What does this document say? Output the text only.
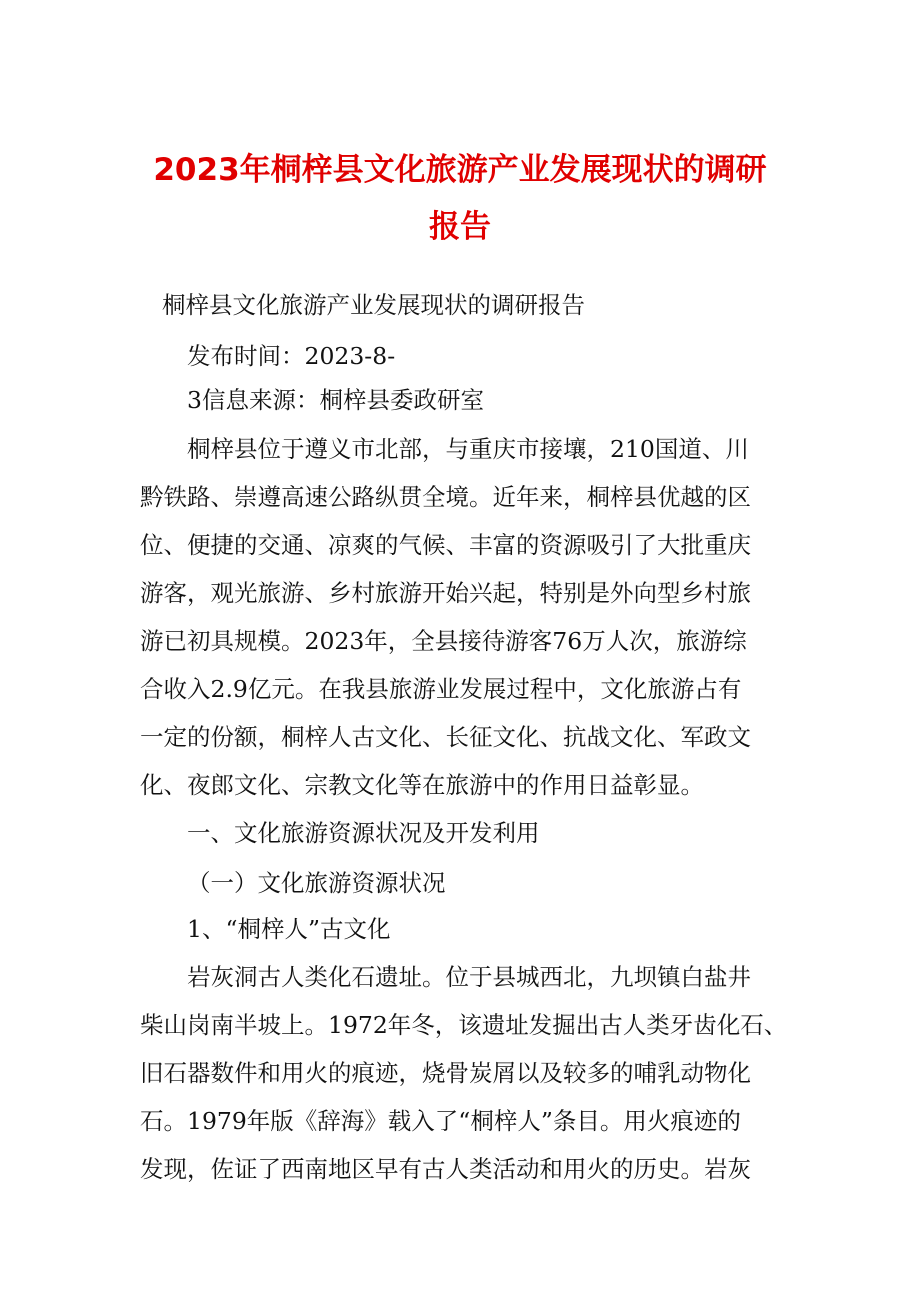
2023年桐梓县文化旅游产业发展现状的调研报告

桐梓县文化旅游产业发展现状的调研报告

发布时间：2023-8-

3信息来源：桐梓县委政研室

桐梓县位于遵义市北部，与重庆市接壤，210国道、川

黔铁路、崇遵高速公路纵贯全境。近年来，桐梓县优越的区

位、便捷的交通、凉爽的气候、丰富的资源吸引了大批重庆

游客，观光旅游、乡村旅游开始兴起，特别是外向型乡村旅

游已初具规模。2023年，全县接待游客76万人次，旅游综

合收入2.9亿元。在我县旅游业发展过程中，文化旅游占有

一定的份额，桐梓人古文化、长征文化、抗战文化、军政文

化、夜郎文化、宗教文化等在旅游中的作用日益彰显。

一、文化旅游资源状况及开发利用

（一）文化旅游资源状况

1、“桐梓人”古文化

岩灰洞古人类化石遗址。位于县城西北，九坝镇白盐井

柴山岗南半坡上。1972年冬，该遗址发掘出古人类牙齿化石、

旧石器数件和用火的痕迹，烧骨炭屑以及较多的哺乳动物化

石。1979年版《辞海》载入了“桐梓人”条目。用火痕迹的

发现，佐证了西南地区早有古人类活动和用火的历史。岩灰
